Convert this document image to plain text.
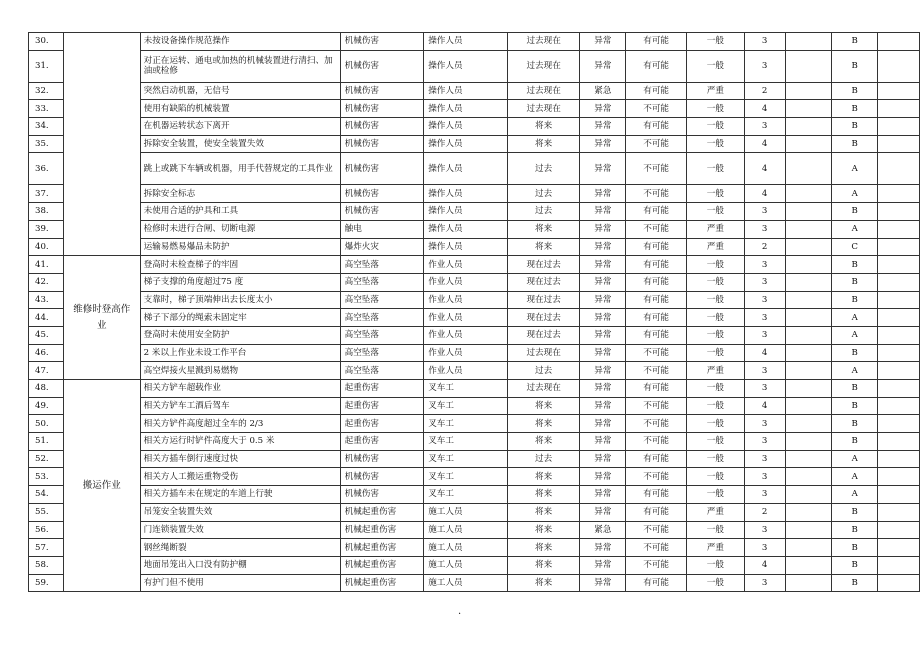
30.		未按设备操作规范操作	机械伤害	操作人员	过去现在	异常	有可能	一般	3		B	
31.		对正在运转、通电或加热的机械装置进行清扫、加油或检修	机械伤害	操作人员	过去现在	异常	有可能	一般	3		B	
32.		突然启动机器，无信号	机械伤害	操作人员	过去现在	紧急	有可能	严重	2		B	
33.		使用有缺陷的机械装置	机械伤害	操作人员	过去现在	异常	不可能	一般	4		B	
34.		在机器运转状态下离开	机械伤害	操作人员	将来	异常	有可能	一般	3		B	
35.		拆除安全装置，使安全装置失效	机械伤害	操作人员	将来	异常	不可能	一般	4		B	
36.		跳上或跳下车辆或机器，用手代替规定的工具作业	机械伤害	操作人员	过去	异常	不可能	一般	4		A	
37.		拆除安全标志	机械伤害	操作人员	过去	异常	不可能	一般	4		A	
38.		未使用合适的护具和工具	机械伤害	操作人员	过去	异常	有可能	一般	3		B	
39.		检修时未进行合闸、切断电源	触电	操作人员	将来	异常	不可能	严重	3		A	
40.		运输易燃易爆品未防护	爆炸火灾	操作人员	将来	异常	有可能	严重	2		C	
41.	维修时登高作业	登高时未检查梯子的牢固	高空坠落	作业人员	现在过去	异常	有可能	一般	3		B	
42.		梯子支撑的角度超过75 度	高空坠落	作业人员	现在过去	异常	有可能	一般	3		B	
43.		支靠时，梯子顶端伸出去长度太小	高空坠落	作业人员	现在过去	异常	有可能	一般	3		B	
44.		梯子下部分的绳索未固定牢	高空坠落	作业人员	现在过去	异常	有可能	一般	3		A	
45.		登高时未使用安全防护	高空坠落	作业人员	现在过去	异常	有可能	一般	3		A	
46.		2 米以上作业未设工作平台	高空坠落	作业人员	过去现在	异常	不可能	一般	4		B	
47.		高空焊接火星溅到易燃物	高空坠落	作业人员	过去	异常	不可能	严重	3		A	
48.	搬运作业	相关方铲车超载作业	起重伤害	叉车工	过去现在	异常	有可能	一般	3		B	
49.		相关方铲车工酒后驾车	起重伤害	叉车工	将来	异常	不可能	一般	4		B	
50.		相关方铲件高度超过全车的 2/3	起重伤害	叉车工	将来	异常	不可能	一般	3		B	
51.		相关方运行时铲件高度大于 0.5 米	起重伤害	叉车工	将来	异常	不可能	一般	3		B	
52.		相关方插车倒行速度过快	机械伤害	叉车工	过去	异常	有可能	一般	3		A	
53.		相关方人工搬运重物受伤	机械伤害	叉车工	将来	异常	不可能	一般	3		A	
54.		相关方插车未在规定的车道上行驶	机械伤害	叉车工	将来	异常	有可能	一般	3		A	
55.		吊笼安全装置失效	机械起重伤害	施工人员	将来	异常	有可能	严重	2		B	
56.		门连锁装置失效	机械起重伤害	施工人员	将来	紧急	不可能	一般	3		B	
57.		钢丝绳断裂	机械起重伤害	施工人员	将来	异常	不可能	严重	3		B	
58.		地面吊笼出入口没有防护棚	机械起重伤害	施工人员	将来	异常	不可能	一般	4		B	
59.		有护门但不使用	机械起重伤害	施工人员	将来	异常	有可能	一般	3		B	
.
